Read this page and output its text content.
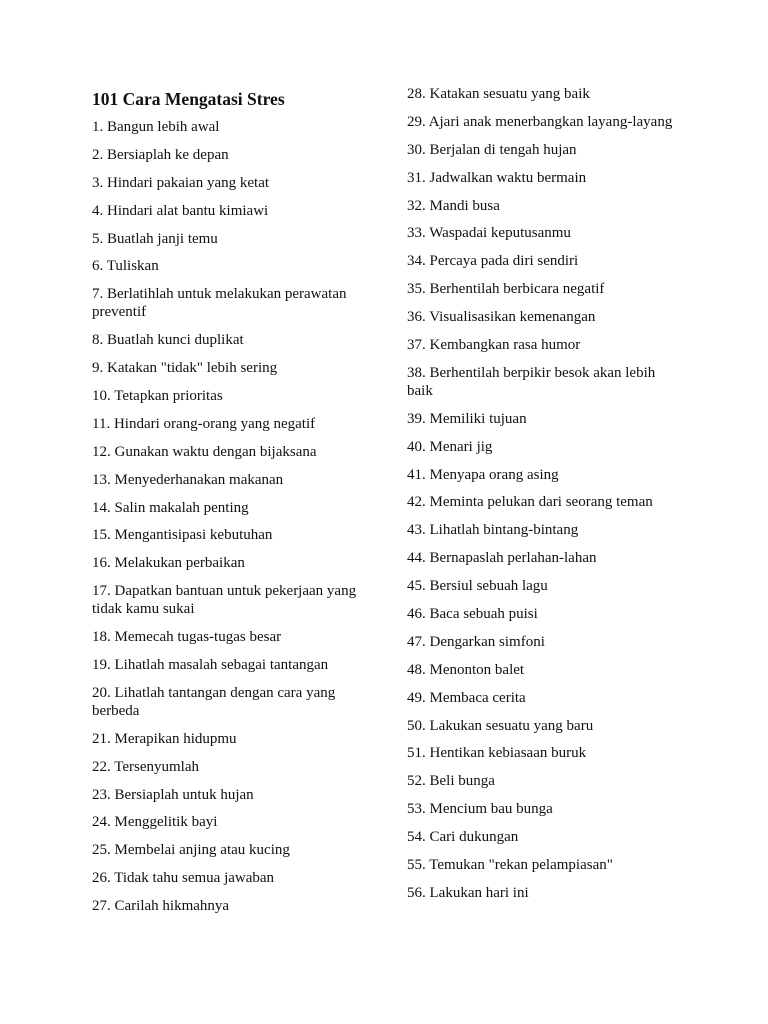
101 Cara Mengatasi Stres
1. Bangun lebih awal
2. Bersiaplah ke depan
3. Hindari pakaian yang ketat
4. Hindari alat bantu kimiawi
5. Buatlah janji temu
6. Tuliskan
7. Berlatihlah untuk melakukan perawatan preventif
8. Buatlah kunci duplikat
9. Katakan "tidak" lebih sering
10. Tetapkan prioritas
11. Hindari orang-orang yang negatif
12. Gunakan waktu dengan bijaksana
13. Menyederhanakan makanan
14. Salin makalah penting
15. Mengantisipasi kebutuhan
16. Melakukan perbaikan
17. Dapatkan bantuan untuk pekerjaan yang tidak kamu sukai
18. Memecah tugas-tugas besar
19. Lihatlah masalah sebagai tantangan
20. Lihatlah tantangan dengan cara yang berbeda
21. Merapikan hidupmu
22. Tersenyumlah
23. Bersiaplah untuk hujan
24. Menggelitik bayi
25. Membelai anjing atau kucing
26. Tidak tahu semua jawaban
27. Carilah hikmahnya
28. Katakan sesuatu yang baik
29. Ajari anak menerbangkan layang-layang
30. Berjalan di tengah hujan
31. Jadwalkan waktu bermain
32. Mandi busa
33. Waspadai keputusanmu
34. Percaya pada diri sendiri
35. Berhentilah berbicara negatif
36. Visualisasikan kemenangan
37. Kembangkan rasa humor
38. Berhentilah berpikir besok akan lebih baik
39. Memiliki tujuan
40. Menari jig
41. Menyapa orang asing
42. Meminta pelukan dari seorang teman
43. Lihatlah bintang-bintang
44. Bernapaslah perlahan-lahan
45. Bersiul sebuah lagu
46. Baca sebuah puisi
47. Dengarkan simfoni
48. Menonton balet
49. Membaca cerita
50. Lakukan sesuatu yang baru
51. Hentikan kebiasaan buruk
52. Beli bunga
53. Mencium bau bunga
54. Cari dukungan
55. Temukan "rekan pelampiasan"
56. Lakukan hari ini
